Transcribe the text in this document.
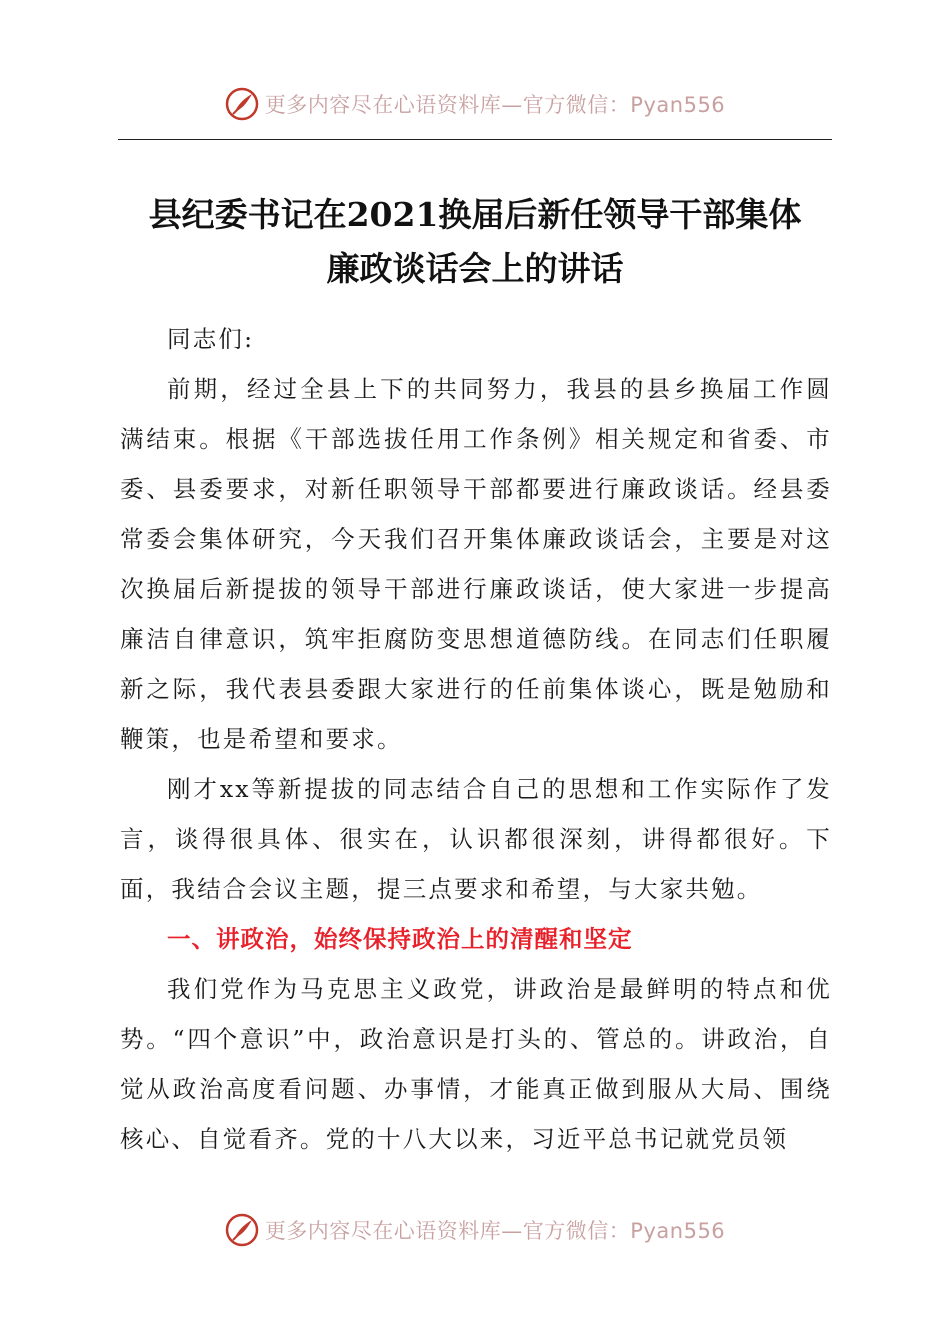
更多内容尽在心语资料库—官方微信：Pyan556
县纪委书记在2021换届后新任领导干部集体
廉政谈话会上的讲话

同志们:

前期，经过全县上下的共同努力，我县的县乡换届工作圆满结束。根据《干部选拔任用工作条例》相关规定和省委、市委、县委要求，对新任职领导干部都要进行廉政谈话。经县委常委会集体研究，今天我们召开集体廉政谈话会，主要是对这次换届后新提拔的领导干部进行廉政谈话，使大家进一步提高廉洁自律意识，筑牢拒腐防变思想道德防线。在同志们任职履新之际，我代表县委跟大家进行的任前集体谈心，既是勉励和鞭策，也是希望和要求。

刚才xx等新提拔的同志结合自己的思想和工作实际作了发言，谈得很具体、很实在，认识都很深刻，讲得都很好。下面，我结合会议主题，提三点要求和希望，与大家共勉。

一、讲政治，始终保持政治上的清醒和坚定

我们党作为马克思主义政党，讲政治是最鲜明的特点和优势。“四个意识”中，政治意识是打头的、管总的。讲政治，自觉从政治高度看问题、办事情，才能真正做到服从大局、围绕核心、自觉看齐。党的十八大以来，习近平总书记就党员领

更多内容尽在心语资料库—官方微信：Pyan556
